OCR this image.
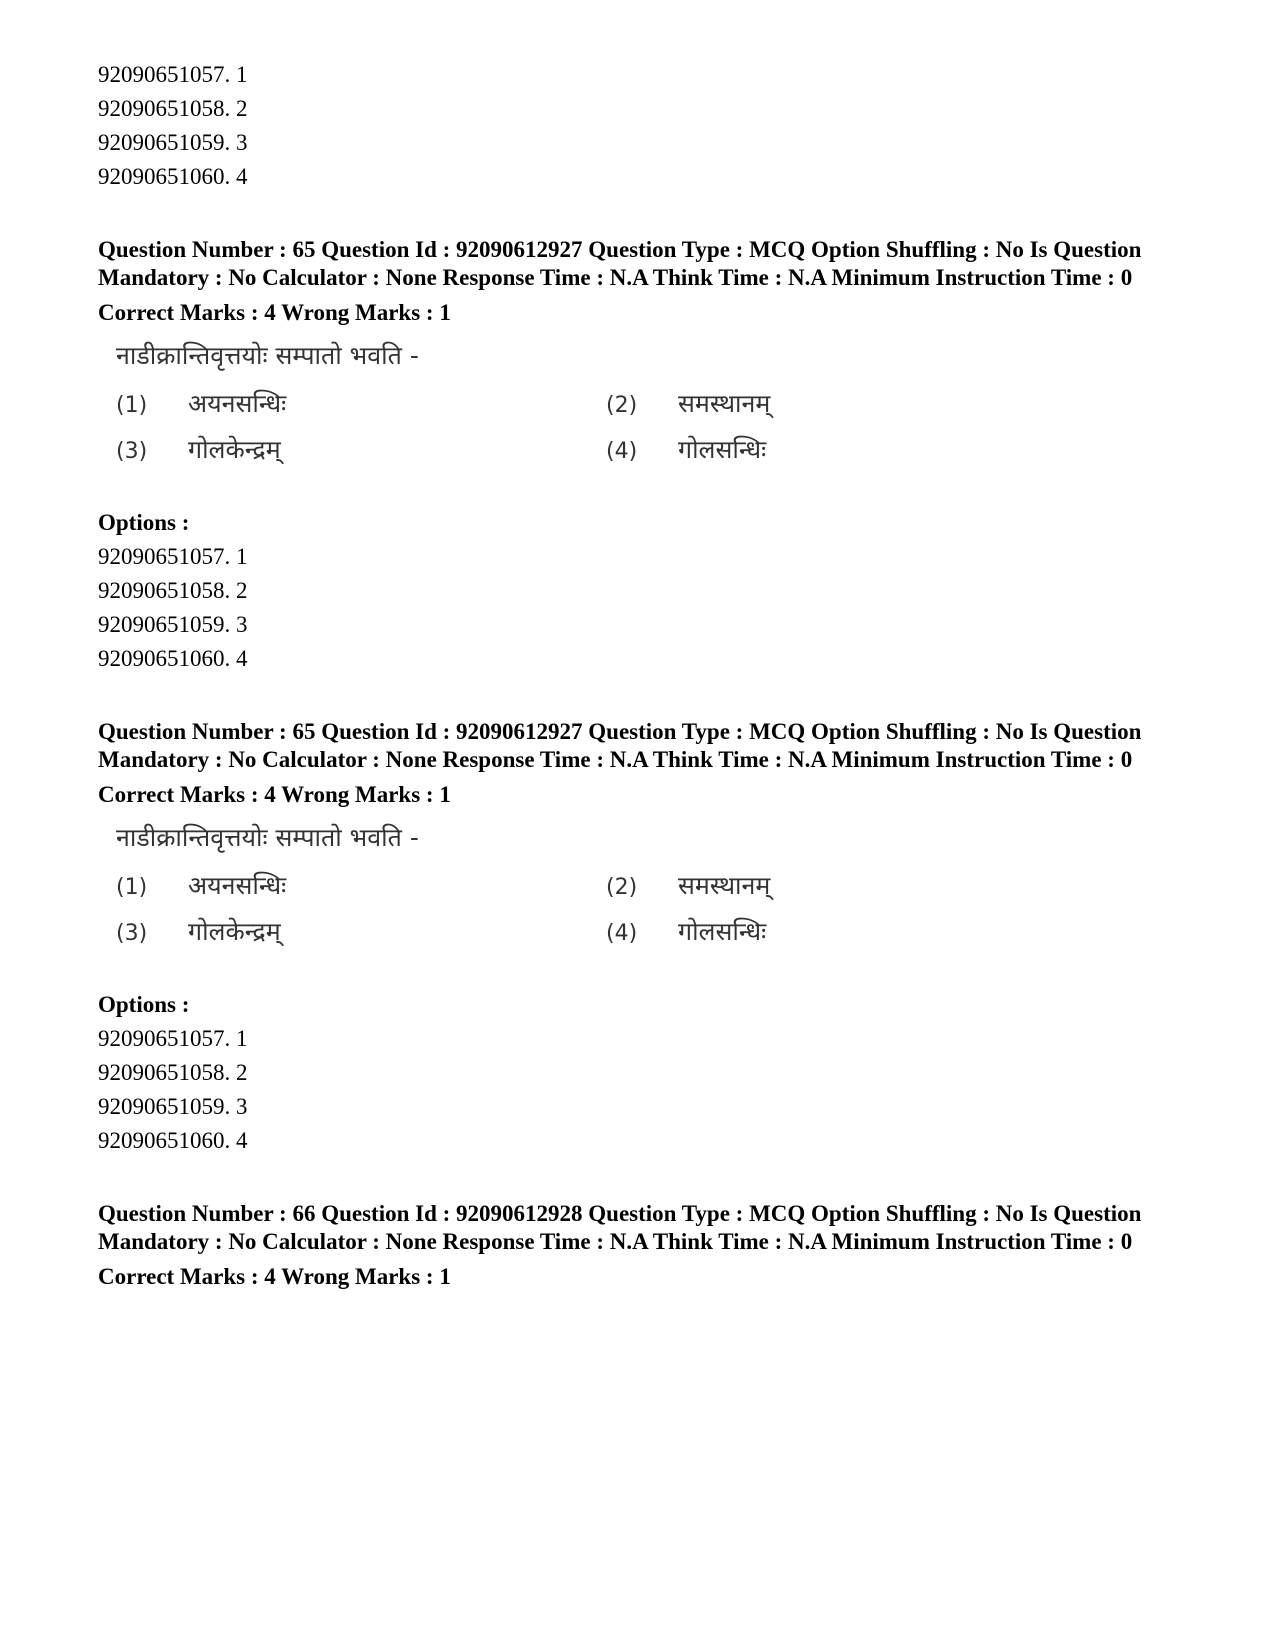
92090651057. 1
92090651058. 2
92090651059. 3
92090651060. 4
Question Number : 65 Question Id : 92090612927 Question Type : MCQ Option Shuffling : No Is Question Mandatory : No Calculator : None Response Time : N.A Think Time : N.A Minimum Instruction Time : 0
Correct Marks : 4 Wrong Marks : 1
नाडीक्रान्तिवृत्तयोः सम्पातो भवति -
(1)	अयनसन्धिः	(2)	समस्थानम्
(3)	गोलकेन्द्रम्	(4)	गोलसन्धिः
Options :
92090651057. 1
92090651058. 2
92090651059. 3
92090651060. 4
Question Number : 65 Question Id : 92090612927 Question Type : MCQ Option Shuffling : No Is Question Mandatory : No Calculator : None Response Time : N.A Think Time : N.A Minimum Instruction Time : 0
Correct Marks : 4 Wrong Marks : 1
नाडीक्रान्तिवृत्तयोः सम्पातो भवति -
(1)	अयनसन्धिः	(2)	समस्थानम्
(3)	गोलकेन्द्रम्	(4)	गोलसन्धिः
Options :
92090651057. 1
92090651058. 2
92090651059. 3
92090651060. 4
Question Number : 66 Question Id : 92090612928 Question Type : MCQ Option Shuffling : No Is Question Mandatory : No Calculator : None Response Time : N.A Think Time : N.A Minimum Instruction Time : 0
Correct Marks : 4 Wrong Marks : 1
